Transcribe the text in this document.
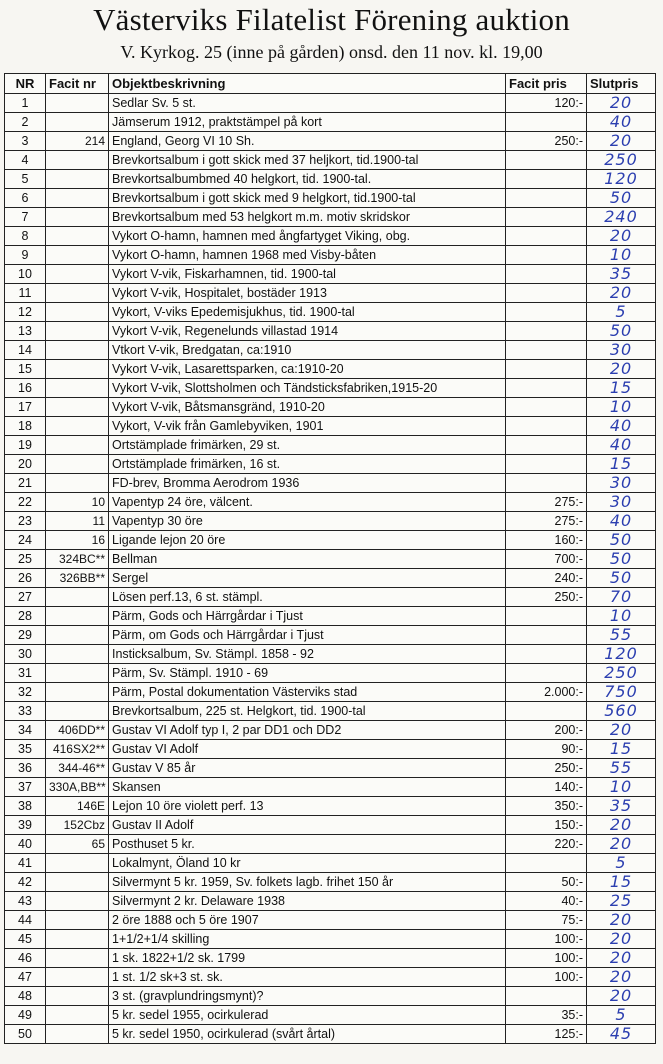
Västerviks Filatelist Förening auktion
V. Kyrkog. 25 (inne på gården) onsd. den 11 nov. kl. 19,00
NR	Facit nr	Objektbeskrivning	Facit pris	Slutpris
1		Sedlar Sv. 5 st.	120:-	20
2		Jämserum 1912, praktstämpel på kort		40
3	214	England, Georg VI 10 Sh.	250:-	20
4		Brevkortsalbum i gott skick med 37 heljkort, tid.1900-tal		250
5		Brevkortsalbumbmed 40 helgkort, tid. 1900-tal.		120
6		Brevkortsalbum i gott skick med 9 helgkort, tid.1900-tal		50
7		Brevkortsalbum med 53 helgkort m.m. motiv skridskor		240
8		Vykort O-hamn, hamnen med ångfartyget Viking, obg.		20
9		Vykort O-hamn, hamnen 1968 med Visby-båten		10
10		Vykort V-vik, Fiskarhamnen, tid. 1900-tal		35
11		Vykort V-vik, Hospitalet, bostäder 1913		20
12		Vykort, V-viks Epedemisjukhus, tid. 1900-tal		5
13		Vykort V-vik, Regenelunds villastad 1914		50
14		Vtkort V-vik, Bredgatan, ca:1910		30
15		Vykort V-vik, Lasarettsparken, ca:1910-20		20
16		Vykort V-vik, Slottsholmen och Tändsticksfabriken,1915-20		15
17		Vykort V-vik, Båtsmansgränd, 1910-20		10
18		Vykort, V-vik från Gamlebyviken, 1901		40
19		Ortstämplade frimärken, 29 st.		40
20		Ortstämplade frimärken, 16 st.		15
21		FD-brev, Bromma Aerodrom 1936		30
22	10	Vapentyp 24 öre, välcent.	275:-	30
23	11	Vapentyp 30 öre	275:-	40
24	16	Ligande lejon 20 öre	160:-	50
25	324BC**	Bellman	700:-	50
26	326BB**	Sergel	240:-	50
27		Lösen perf.13, 6 st. stämpl.	250:-	70
28		Pärm, Gods och Härrgårdar i Tjust		10
29		Pärm, om Gods och Härrgårdar i Tjust		55
30		Insticksalbum, Sv. Stämpl. 1858 - 92		120
31		Pärm, Sv. Stämpl. 1910 - 69		250
32		Pärm, Postal dokumentation Västerviks stad	2.000:-	750
33		Brevkortsalbum, 225 st. Helgkort, tid. 1900-tal		560
34	406DD**	Gustav VI Adolf typ I, 2 par DD1 och DD2	200:-	20
35	416SX2**	Gustav VI Adolf	90:-	15
36	344-46**	Gustav V 85 år	250:-	55
37	330A,BB**	Skansen	140:-	10
38	146E	Lejon 10 öre violett perf. 13	350:-	35
39	152Cbz	Gustav II Adolf	150:-	20
40	65	Posthuset 5 kr.	220:-	20
41		Lokalmynt, Öland 10 kr		5
42		Silvermynt 5 kr. 1959, Sv. folkets lagb. frihet 150 år	50:-	15
43		Silvermynt 2 kr. Delaware 1938	40:-	25
44		2 öre 1888 och 5 öre 1907	75:-	20
45		1+1/2+1/4 skilling	100:-	20
46		1 sk. 1822+1/2 sk. 1799	100:-	20
47		1 st. 1/2 sk+3 st. sk.	100:-	20
48		3 st. (gravplundringsmynt)?		20
49		5 kr. sedel 1955, ocirkulerad	35:-	5
50		5 kr. sedel 1950, ocirkulerad (svårt årtal)	125:-	45
